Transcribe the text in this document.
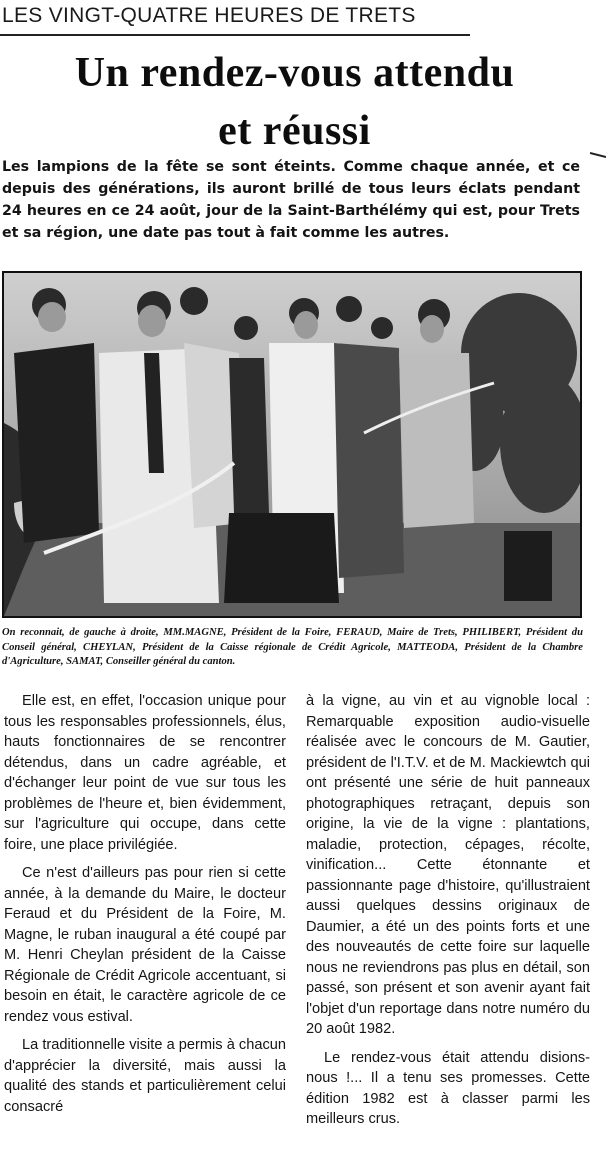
LES VINGT-QUATRE HEURES DE TRETS
Un rendez-vous attendu
et réussi

Les lampions de la fête se sont éteints. Comme chaque année, et ce depuis des générations, ils auront brillé de tous leurs éclats pendant 24 heures en ce 24 août, jour de la Saint-Barthélémy qui est, pour Trets et sa région, une date pas tout à fait comme les autres.

On reconnait, de gauche à droite, MM.MAGNE, Président de la Foire, FERAUD, Maire de Trets, PHILIBERT, Président du Conseil général, CHEYLAN, Président de la Caisse régionale de Crédit Agricole, MATTEODA, Président de la Chambre d'Agriculture, SAMAT, Conseiller général du canton.

Elle est, en effet, l'occasion unique pour tous les responsables professionnels, élus, hauts fonctionnaires de se rencontrer détendus, dans un cadre agréable, et d'échanger leur point de vue sur tous les problèmes de l'heure et, bien évidemment, sur l'agriculture qui occupe, dans cette foire, une place privilégiée.

Ce n'est d'ailleurs pas pour rien si cette année, à la demande du Maire, le docteur Feraud et du Président de la Foire, M. Magne, le ruban inaugural a été coupé par M. Henri Cheylan président de la Caisse Régionale de Crédit Agricole accentuant, si besoin en était, le caractère agricole de ce rendez vous estival.

La traditionnelle visite a permis à chacun d'apprécier la diversité, mais aussi la qualité des stands et particulièrement celui consacré

à la vigne, au vin et au vignoble local : Remarquable exposition audio-visuelle réalisée avec le concours de M. Gautier, président de l'I.T.V. et de M. Mackiewtch qui ont présenté une série de huit panneaux photographiques retraçant, depuis son origine, la vie de la vigne : plantations, maladie, protection, cépages, récolte, vinification... Cette étonnante et passionnante page d'histoire, qu'illustraient aussi quelques dessins originaux de Daumier, a été un des points forts et une des nouveautés de cette foire sur laquelle nous ne reviendrons pas plus en détail, son passé, son présent et son avenir ayant fait l'objet d'un reportage dans notre numéro du 20 août 1982.

Le rendez-vous était attendu disions-nous !... Il a tenu ses promesses. Cette édition 1982 est à classer parmi les meilleurs crus.
